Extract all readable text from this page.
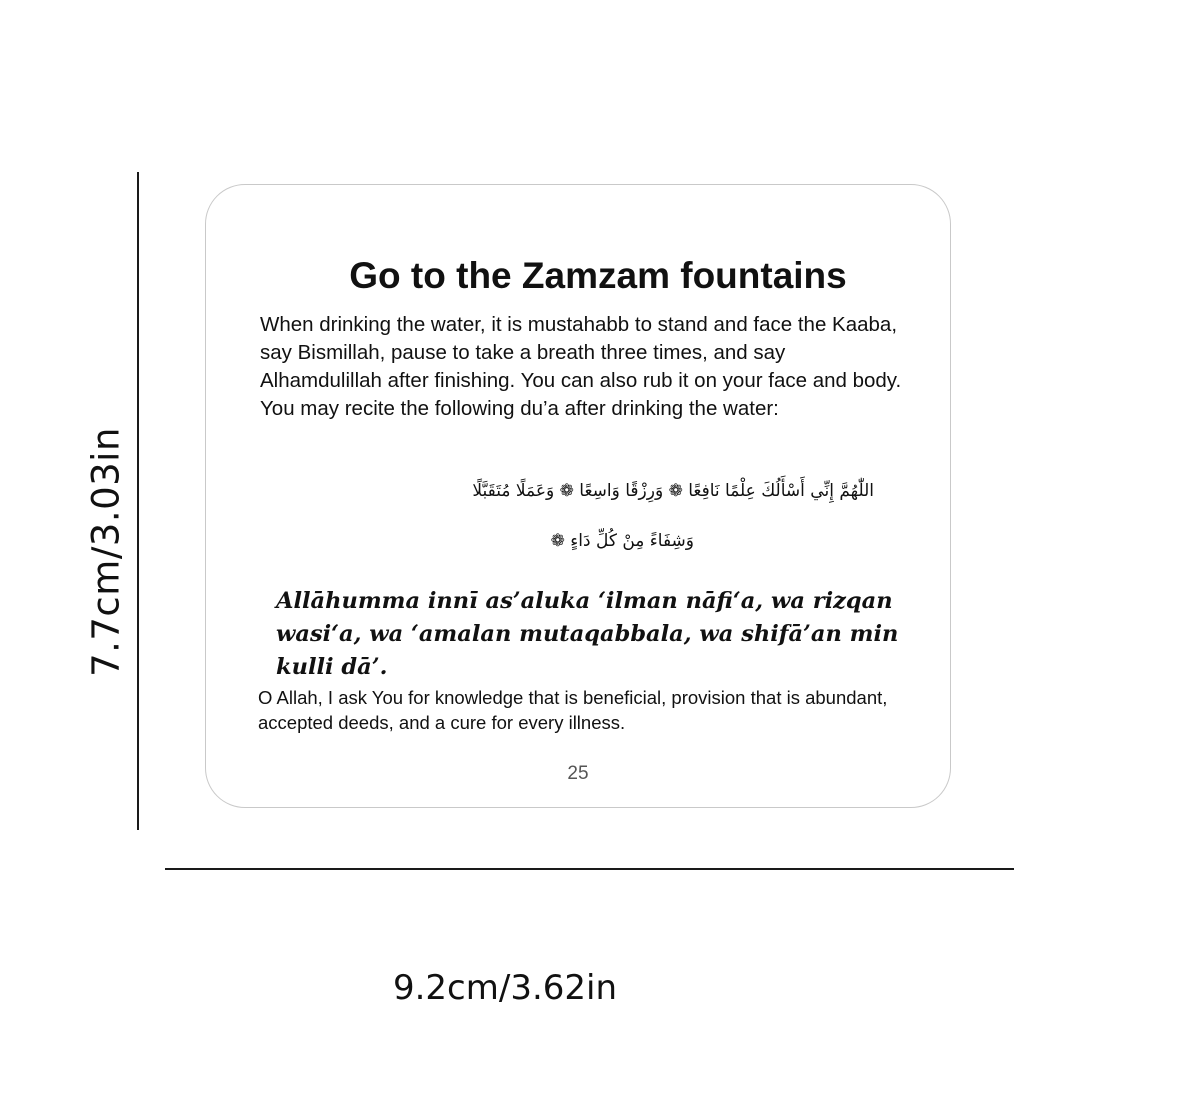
7.7cm/3.03in
Go to the Zamzam fountains

When drinking the water, it is mustahabb to stand and face the Kaaba, say Bismillah, pause to take a breath three times, and say Alhamdulillah after finishing. You can also rub it on your face and body. You may recite the following du’a after drinking the water:

اللّٰهُمَّ إِنِّي أَسْأَلُكَ عِلْمًا نَافِعًا ❁ وَرِزْقًا وَاسِعًا ❁ وَعَمَلًا مُتَقَبَّلًا
وَشِفَاءً مِنْ كُلِّ دَاءٍ ❁

Allāhumma innī as’aluka ‘ilman nāfi‘a, wa rizqan wasi‘a, wa ‘amalan mutaqabbala, wa shifā’an min kulli dā’.

O Allah, I ask You for knowledge that is beneficial, provision that is abundant, accepted deeds, and a cure for every illness.

25
9.2cm/3.62in
